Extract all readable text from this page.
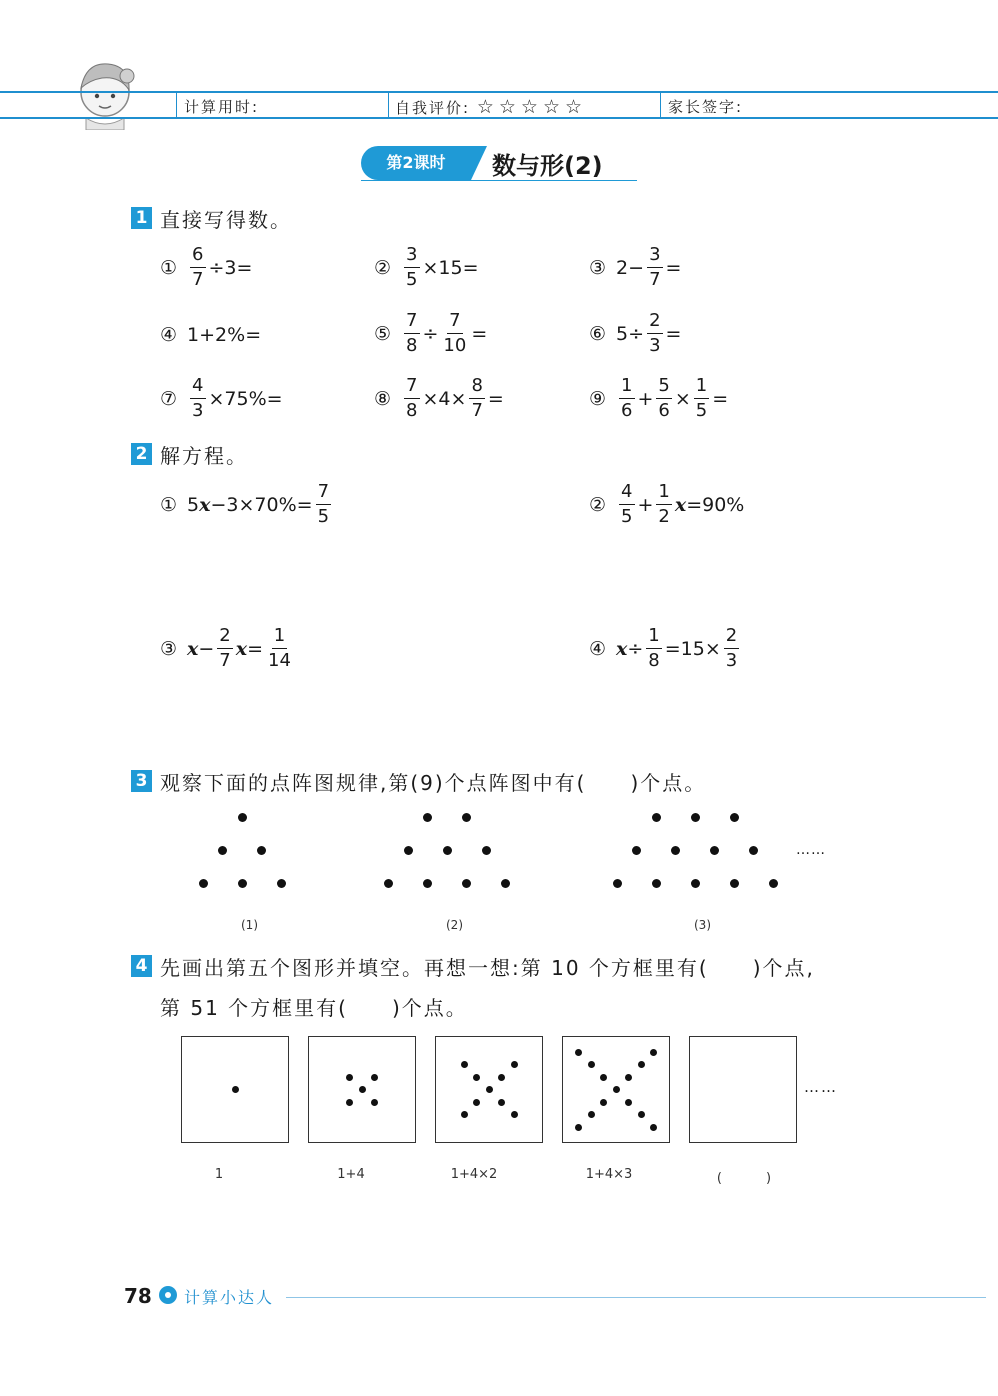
计算用时:	自我评价: ☆☆☆☆☆	家长签字:
第2课时	数与形(2)
1 直接写得数。
① $\frac{6}{7} \div 3=$	② $\frac{3}{5} \times 15=$	③ $2- \frac{3}{7}$ =
④ 1+2%=	⑤ $\frac{7}{8} \div \frac{7}{10}$ =	⑥ $5\div \frac{2}{3}$ =
⑦ $\frac{4}{3} \times 75\%=$	⑧ $\frac{7}{8} \times 4\times \frac{8}{7}$ =	⑨ $\frac{1}{6} + \frac{5}{6} \times \frac{1}{5}$ =
2 解方程。
① 5 $x -3\times 70\%= \frac{7}{5}$	② $\frac{4}{5} + \frac{1}{2}$ x =90%
③ $x - \frac{2}{7}$ $x = \frac{1}{14}$	④ $x \div \frac{1}{8} =15\times \frac{2}{3}$
3 观察下面的点阵图规律,第(9)个点阵图中有(　　)个点。
(1)	(2)	(3)
……
4 先画出第五个图形并填空。再想一想:第 10 个方框里有(　　)个点,
第 51 个方框里有(　　)个点。
……
1	1+4	1+4×2	1+4×3	(　　)
78 计算小达人
